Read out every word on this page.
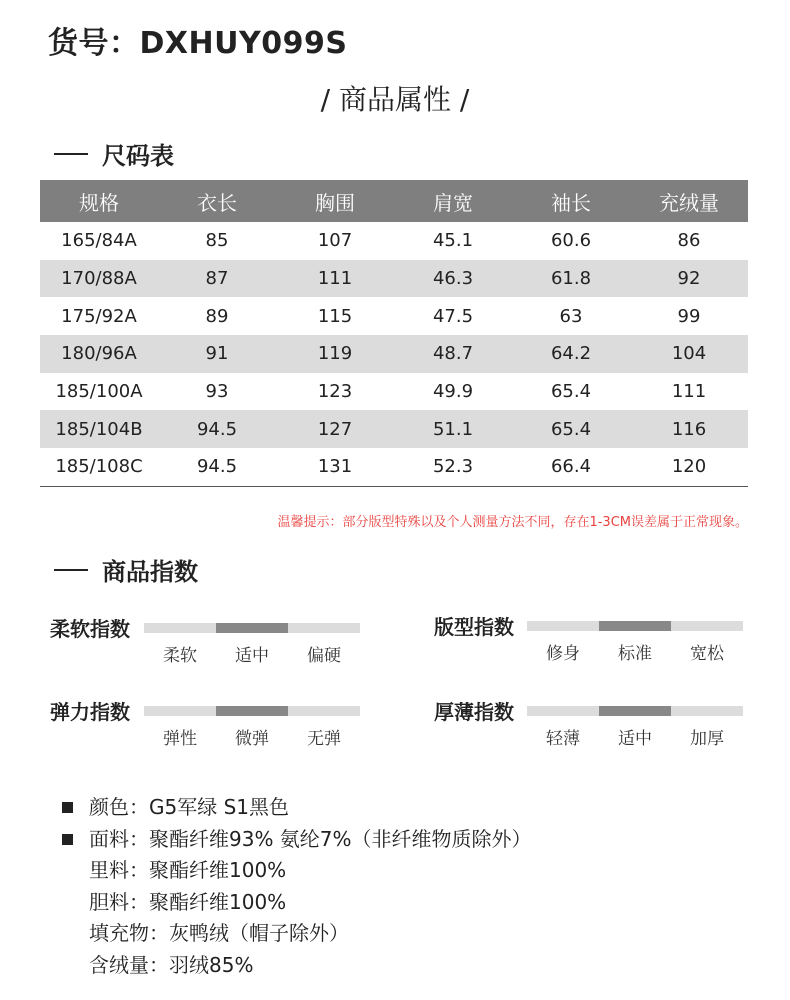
货号：DXHUY099S
/ 商品属性 /
尺码表
规格	衣长	胸围	肩宽	袖长	充绒量
165/84A	85	107	45.1	60.6	86
170/88A	87	111	46.3	61.8	92
175/92A	89	115	47.5	63	99
180/96A	91	119	48.7	64.2	104
185/100A	93	123	49.9	65.4	111
185/104B	94.5	127	51.1	65.4	116
185/108C	94.5	131	52.3	66.4	120
温馨提示：部分版型特殊以及个人测量方法不同，存在1-3CM误差属于正常现象。
商品指数
柔软指数
柔软	适中	偏硬
版型指数
修身	标准	宽松
弹力指数
弹性	微弹	无弹
厚薄指数
轻薄	适中	加厚
颜色：G5军绿 S1黑色
面料：聚酯纤维93% 氨纶7%（非纤维物质除外）
里料：聚酯纤维100%
胆料：聚酯纤维100%
填充物：灰鸭绒（帽子除外）
含绒量：羽绒85%
